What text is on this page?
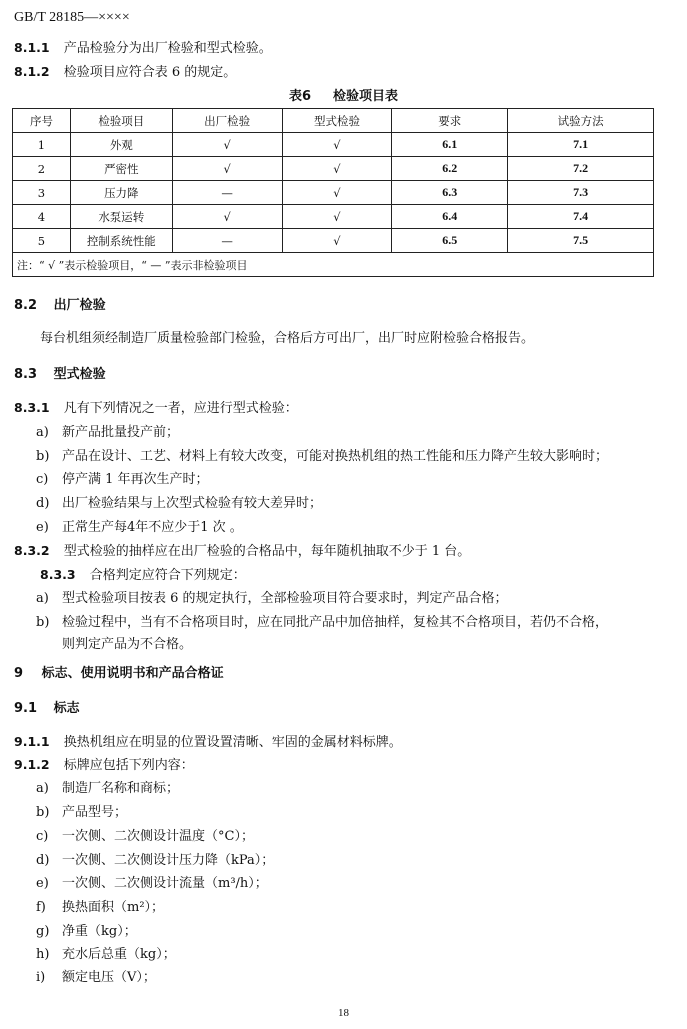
GB/T 28185—××××
8.1.1 产品检验分为出厂检验和型式检验。
8.1.2 检验项目应符合表 6 的规定。
表6 　 检验项目表
序号	检验项目	出厂检验	型式检验	要求	试验方法
1	外观	√	√	6.1	7.1
2	严密性	√	√	6.2	7.2
3	压力降	—	√	6.3	7.3
4	水泵运转	√	√	6.4	7.4
5	控制系统性能	—	√	6.5	7.5
注：“ √ ”表示检验项目，“ — ”表示非检验项目					
8.2 出厂检验
每台机组须经制造厂质量检验部门检验，合格后方可出厂，出厂时应附检验合格报告。
8.3 型式检验
8.3.1 凡有下列情况之一者，应进行型式检验：
a) 新产品批量投产前；
b) 产品在设计、工艺、材料上有较大改变，可能对换热机组的热工性能和压力降产生较大影响时；
c) 停产满 1 年再次生产时；
d) 出厂检验结果与上次型式检验有较大差异时；
e) 正常生产每4年不应少于1 次 。
8.3.2 型式检验的抽样应在出厂检验的合格品中，每年随机抽取不少于 1 台。
8.3.3 合格判定应符合下列规定：
a) 型式检验项目按表 6 的规定执行，全部检验项目符合要求时，判定产品合格；
b) 检验过程中，当有不合格项目时，应在同批产品中加倍抽样，复检其不合格项目，若仍不合格，
则判定产品为不合格。
9 标志、使用说明书和产品合格证
9.1 标志
9.1.1 换热机组应在明显的位置设置清晰、牢固的金属材料标牌。
9.1.2 标牌应包括下列内容：
a) 制造厂名称和商标；
b) 产品型号；
c) 一次侧、二次侧设计温度（°C）；
d) 一次侧、二次侧设计压力降（kPa）；
e) 一次侧、二次侧设计流量（m³/h）；
f) 换热面积（m²）；
g) 净重（kg）；
h) 充水后总重（kg）；
i) 额定电压（V）；
18
